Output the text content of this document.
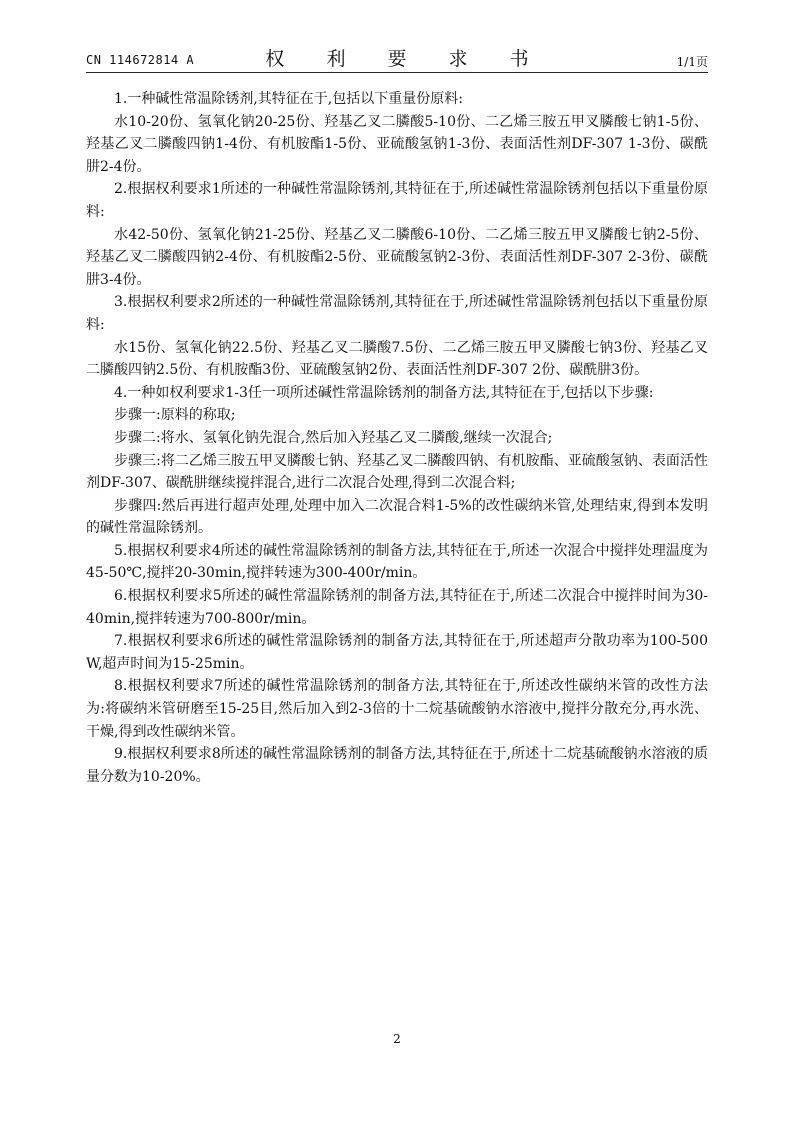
CN 114672814 A	权 利 要 求 书	1/1页

1.一种碱性常温除锈剂,其特征在于,包括以下重量份原料:

水10-20份、氢氧化钠20-25份、羟基乙叉二膦酸5-10份、二乙烯三胺五甲叉膦酸七钠1-5份、羟基乙叉二膦酸四钠1-4份、有机胺酯1-5份、亚硫酸氢钠1-3份、表面活性剂DF-307 1-3份、碳酰肼2-4份。

2.根据权利要求1所述的一种碱性常温除锈剂,其特征在于,所述碱性常温除锈剂包括以下重量份原料:

水42-50份、氢氧化钠21-25份、羟基乙叉二膦酸6-10份、二乙烯三胺五甲叉膦酸七钠2-5份、羟基乙叉二膦酸四钠2-4份、有机胺酯2-5份、亚硫酸氢钠2-3份、表面活性剂DF-307 2-3份、碳酰肼3-4份。

3.根据权利要求2所述的一种碱性常温除锈剂,其特征在于,所述碱性常温除锈剂包括以下重量份原料:

水15份、氢氧化钠22.5份、羟基乙叉二膦酸7.5份、二乙烯三胺五甲叉膦酸七钠3份、羟基乙叉二膦酸四钠2.5份、有机胺酯3份、亚硫酸氢钠2份、表面活性剂DF-307 2份、碳酰肼3份。

4.一种如权利要求1-3任一项所述碱性常温除锈剂的制备方法,其特征在于,包括以下步骤:

步骤一:原料的称取;

步骤二:将水、氢氧化钠先混合,然后加入羟基乙叉二膦酸,继续一次混合;

步骤三:将二乙烯三胺五甲叉膦酸七钠、羟基乙叉二膦酸四钠、有机胺酯、亚硫酸氢钠、表面活性剂DF-307、碳酰肼继续搅拌混合,进行二次混合处理,得到二次混合料;

步骤四:然后再进行超声处理,处理中加入二次混合料1-5%的改性碳纳米管,处理结束,得到本发明的碱性常温除锈剂。

5.根据权利要求4所述的碱性常温除锈剂的制备方法,其特征在于,所述一次混合中搅拌处理温度为45-50℃,搅拌20-30min,搅拌转速为300-400r/min。

6.根据权利要求5所述的碱性常温除锈剂的制备方法,其特征在于,所述二次混合中搅拌时间为30-40min,搅拌转速为700-800r/min。

7.根据权利要求6所述的碱性常温除锈剂的制备方法,其特征在于,所述超声分散功率为100-500W,超声时间为15-25min。

8.根据权利要求7所述的碱性常温除锈剂的制备方法,其特征在于,所述改性碳纳米管的改性方法为:将碳纳米管研磨至15-25目,然后加入到2-3倍的十二烷基硫酸钠水溶液中,搅拌分散充分,再水洗、干燥,得到改性碳纳米管。

9.根据权利要求8所述的碱性常温除锈剂的制备方法,其特征在于,所述十二烷基硫酸钠水溶液的质量分数为10-20%。

2
